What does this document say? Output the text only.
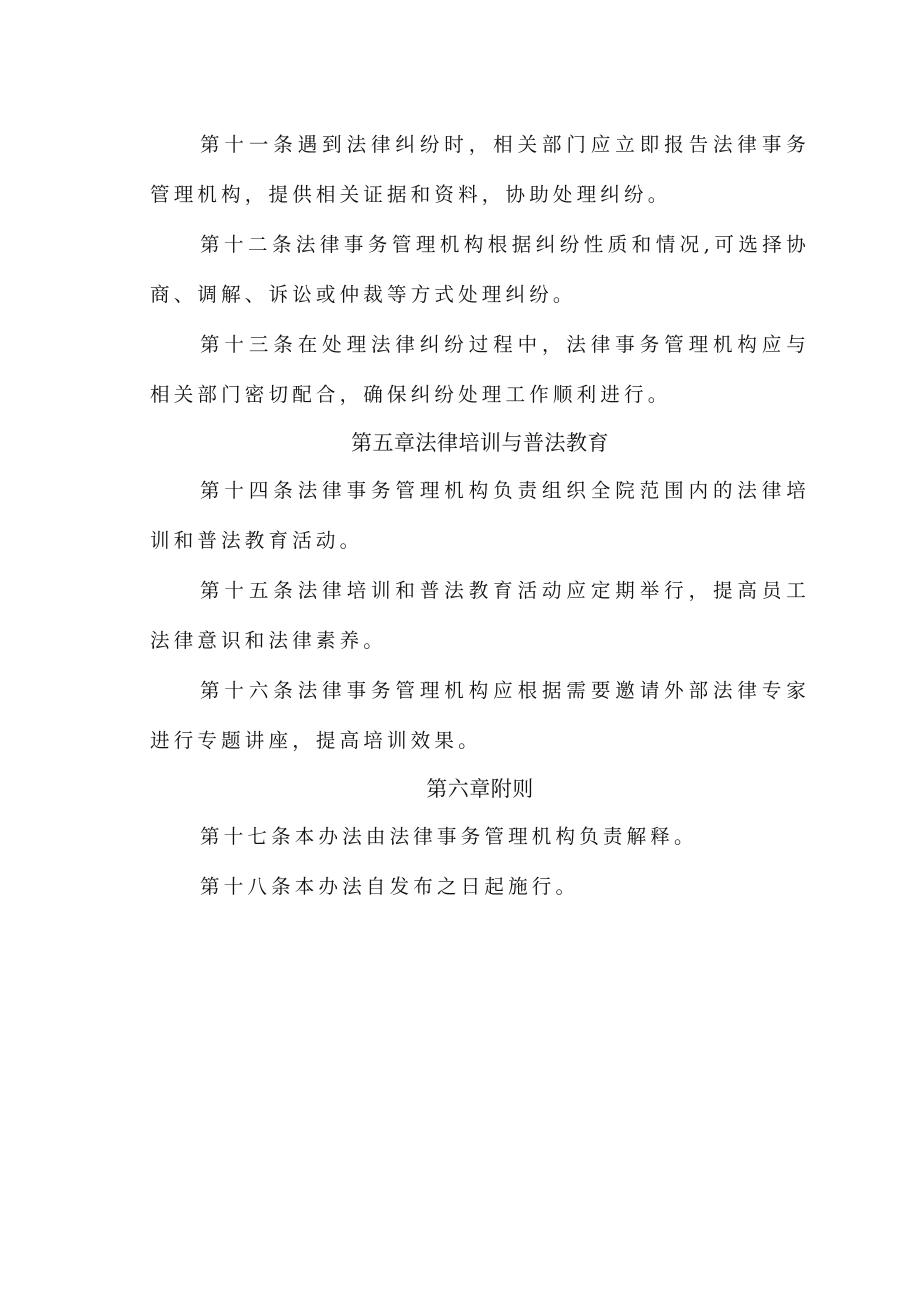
第十一条遇到法律纠纷时，相关部门应立即报告法律事务管理机构，提供相关证据和资料，协助处理纠纷。

第十二条法律事务管理机构根据纠纷性质和情况,可选择协商、调解、诉讼或仲裁等方式处理纠纷。

第十三条在处理法律纠纷过程中，法律事务管理机构应与相关部门密切配合，确保纠纷处理工作顺利进行。

第五章法律培训与普法教育

第十四条法律事务管理机构负责组织全院范围内的法律培训和普法教育活动。

第十五条法律培训和普法教育活动应定期举行，提高员工法律意识和法律素养。

第十六条法律事务管理机构应根据需要邀请外部法律专家进行专题讲座，提高培训效果。

第六章附则

第十七条本办法由法律事务管理机构负责解释。

第十八条本办法自发布之日起施行。
